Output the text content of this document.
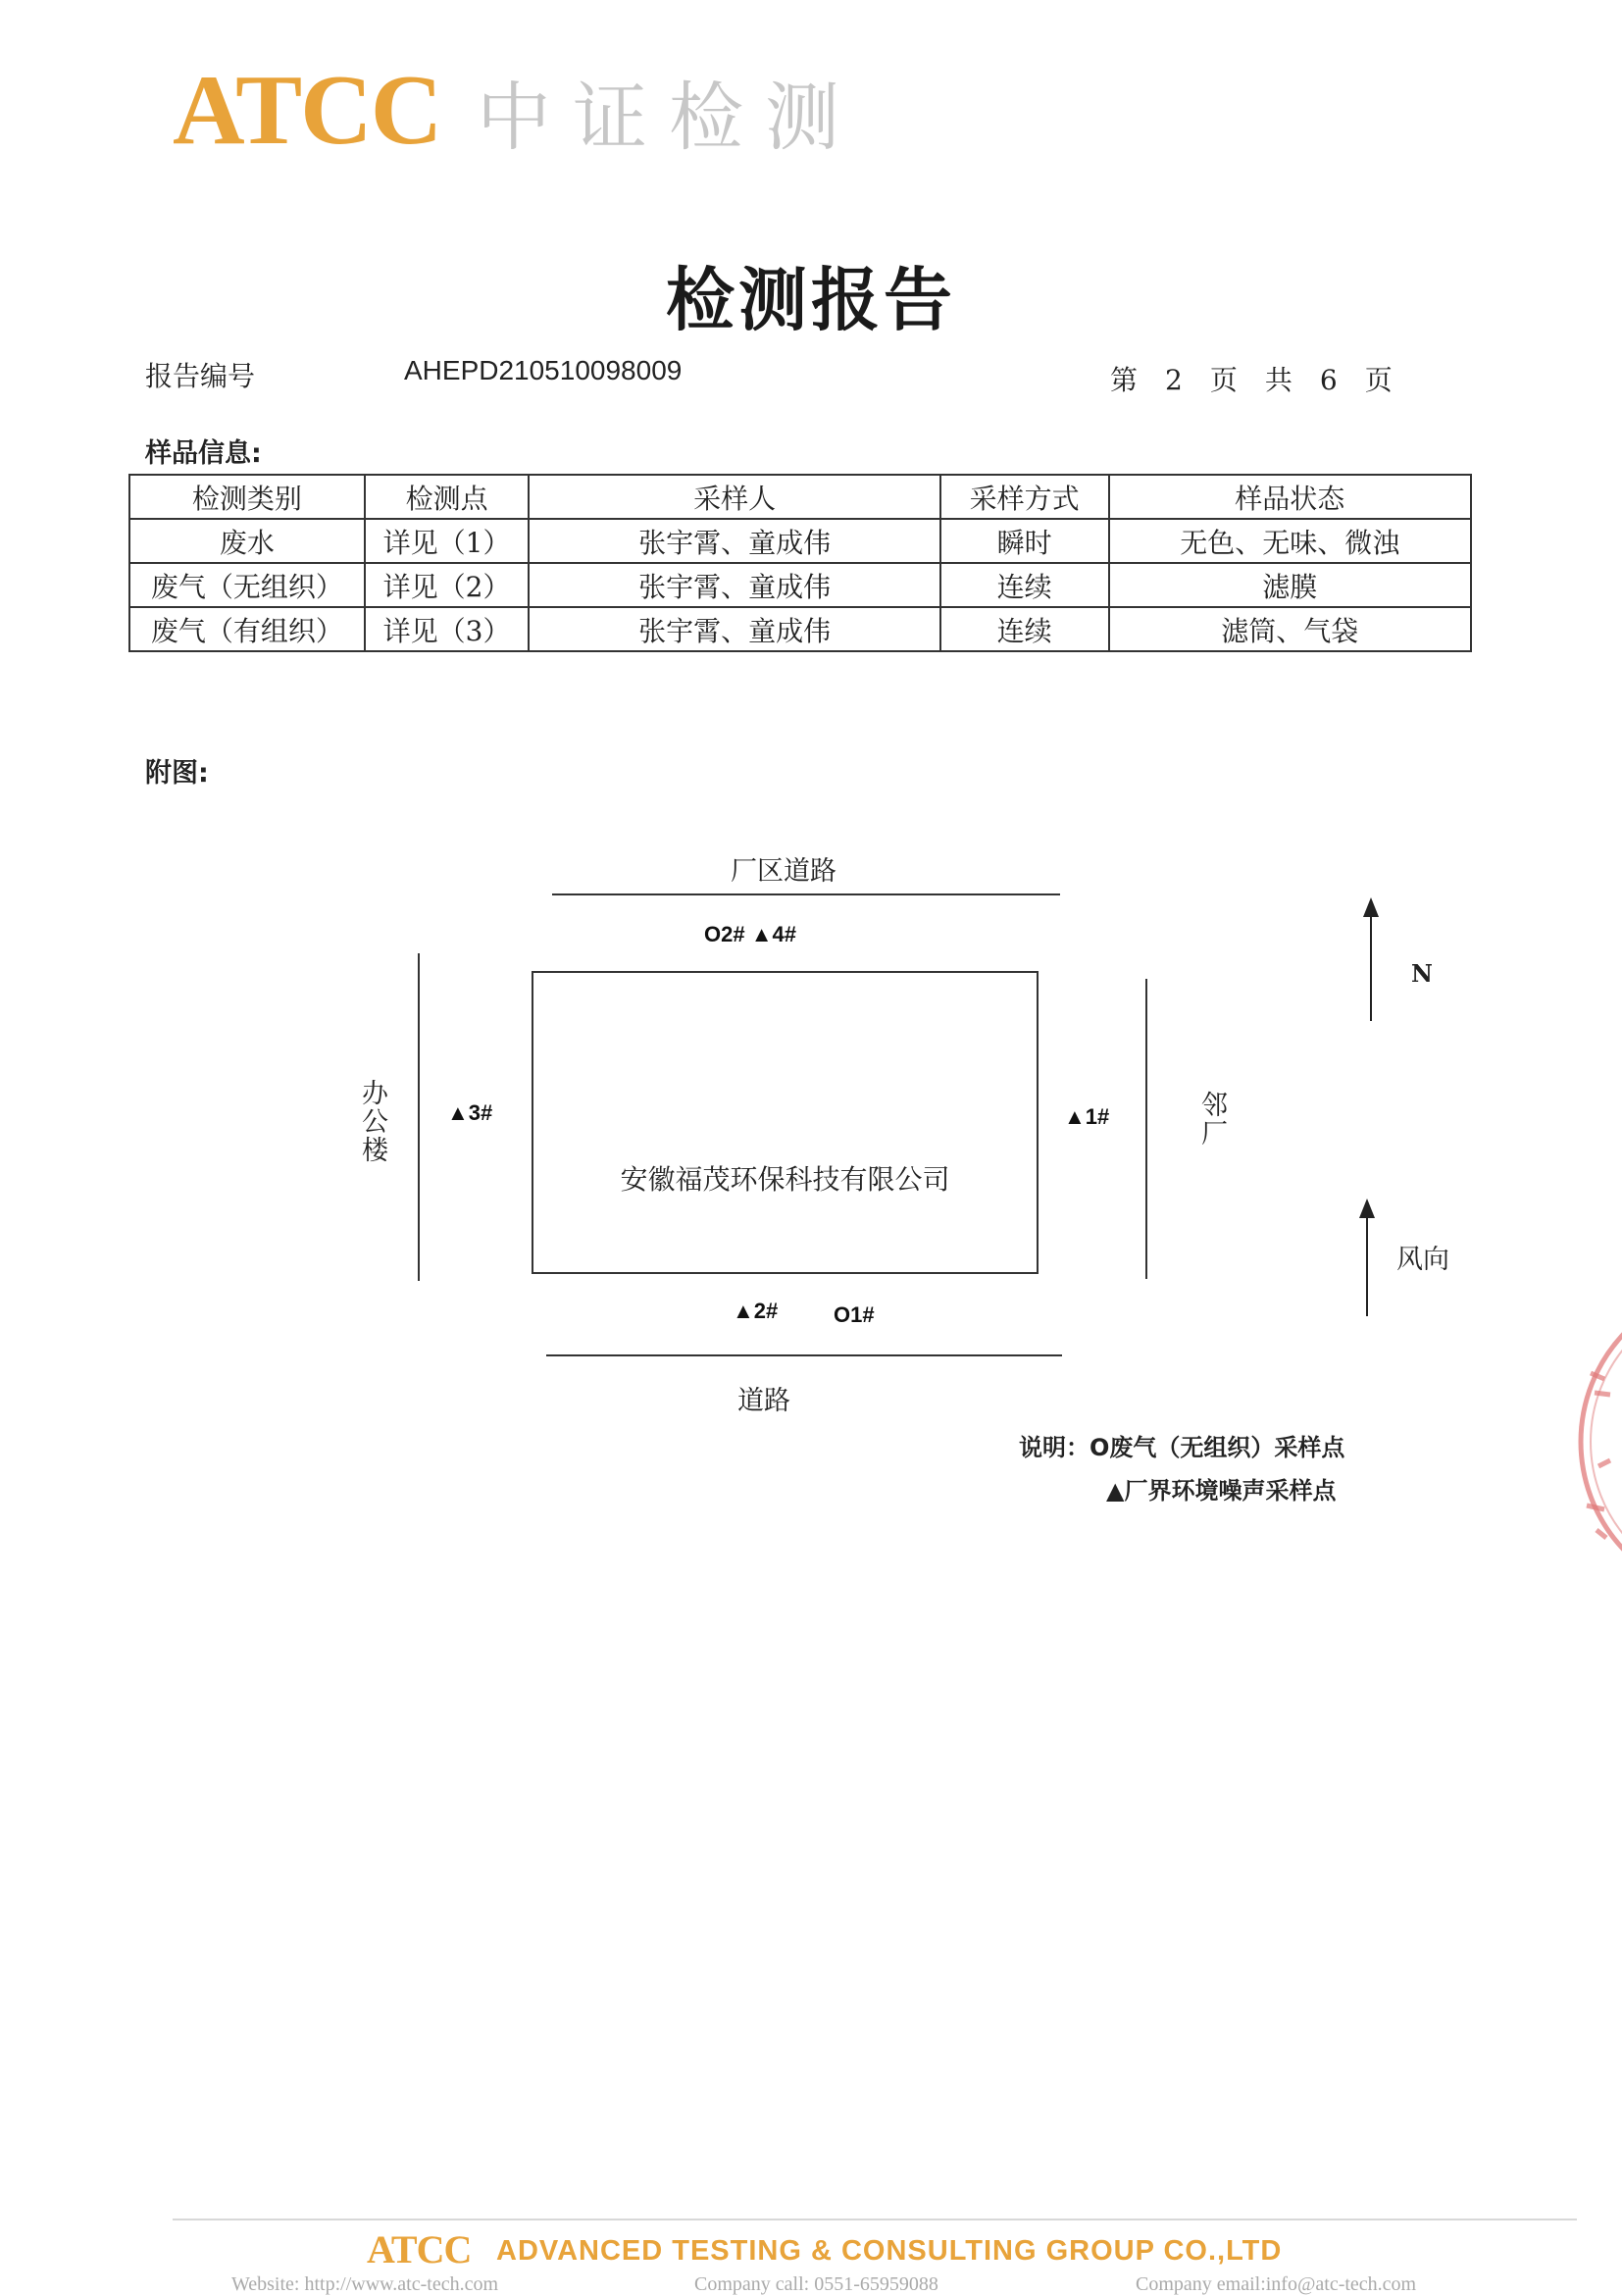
ATCC 中证检测
检测报告
报告编号	AHEPD210510098009	第 2 页 共 6 页
样品信息:
检测类别	检测点	采样人	采样方式	样品状态
废水	详见（1）	张宇霄、童成伟	瞬时	无色、无味、微浊
废气（无组织）	详见（2）	张宇霄、童成伟	连续	滤膜
废气（有组织）	详见（3）	张宇霄、童成伟	连续	滤筒、气袋
附图:
厂区道路
O2# ▲4#
办公楼	▲3#
安徽福茂环保科技有限公司
▲1#	邻厂
▲2#	O1#
道路
N
风向
说明：O废气（无组织）采样点
▲厂界环境噪声采样点
ATCC ADVANCED TESTING & CONSULTING GROUP CO.,LTD
Website: http://www.atc-tech.com	Company call: 0551-65959088	Company email:info@atc-tech.com
